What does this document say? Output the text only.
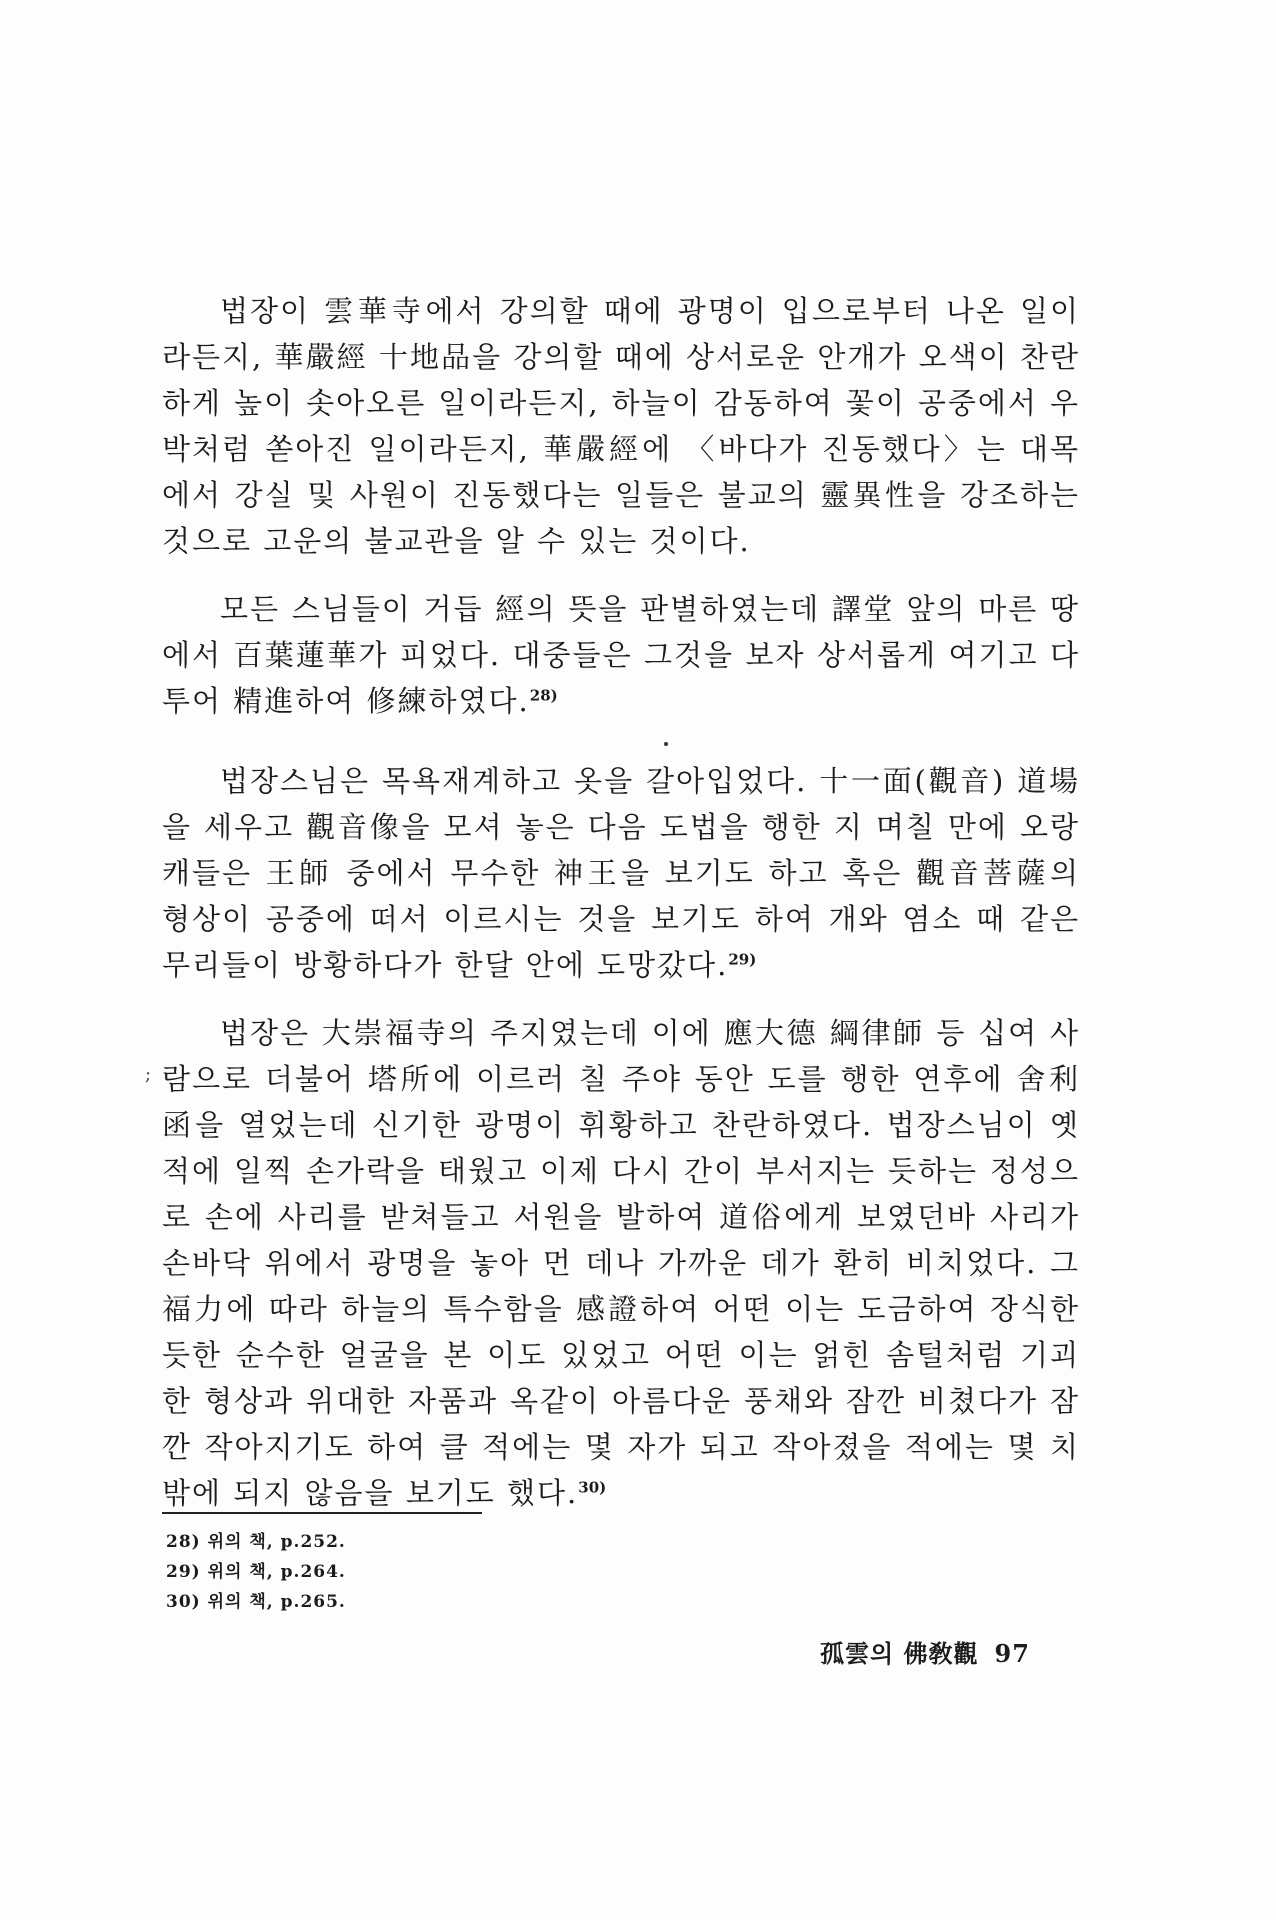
법장이 雲華寺에서 강의할 때에 광명이 입으로부터 나온 일이라든지, 華嚴經 十地品을 강의할 때에 상서로운 안개가 오색이 찬란하게 높이 솟아오른 일이라든지, 하늘이 감동하여 꽃이 공중에서 우박처럼 쏟아진 일이라든지, 華嚴經에 〈바다가 진동했다〉는 대목에서 강실 및 사원이 진동했다는 일들은 불교의 靈異性을 강조하는 것으로 고운의 불교관을 알 수 있는 것이다.

모든 스님들이 거듭 經의 뜻을 판별하였는데 譯堂 앞의 마른 땅에서 百葉蓮華가 피었다. 대중들은 그것을 보자 상서롭게 여기고 다투어 精進하여 修練하였다.$^{28)}$

법장스님은 목욕재계하고 옷을 갈아입었다. 十一面(觀音) 道場을 세우고 觀音像을 모셔 놓은 다음 도법을 행한 지 며칠 만에 오랑캐들은 王師 중에서 무수한 神王을 보기도 하고 혹은 觀音菩薩의 형상이 공중에 떠서 이르시는 것을 보기도 하여 개와 염소 때 같은 무리들이 방황하다가 한달 안에 도망갔다.$^{29)}$

법장은 大崇福寺의 주지였는데 이에 應大德 綱律師 등 십여 사람으로 더불어 塔所에 이르러 칠 주야 동안 도를 행한 연후에 舍利函을 열었는데 신기한 광명이 휘황하고 찬란하였다. 법장스님이 옛적에 일찍 손가락을 태웠고 이제 다시 간이 부서지는 듯하는 정성으로 손에 사리를 받쳐들고 서원을 발하여 道俗에게 보였던바 사리가 손바닥 위에서 광명을 놓아 먼 데나 가까운 데가 환히 비치었다. 그 福力에 따라 하늘의 특수함을 感證하여 어떤 이는 도금하여 장식한 듯한 순수한 얼굴을 본 이도 있었고 어떤 이는 얽힌 솜털처럼 기괴한 형상과 위대한 자품과 옥같이 아름다운 풍채와 잠깐 비쳤다가 잠깐 작아지기도 하여 클 적에는 몇 자가 되고 작아졌을 적에는 몇 치밖에 되지 않음을 보기도 했다.$^{30)}$

;
28) 위의 책, p.252.
29) 위의 책, p.264.
30) 위의 책, p.265.
孤雲의 佛敎觀 97
